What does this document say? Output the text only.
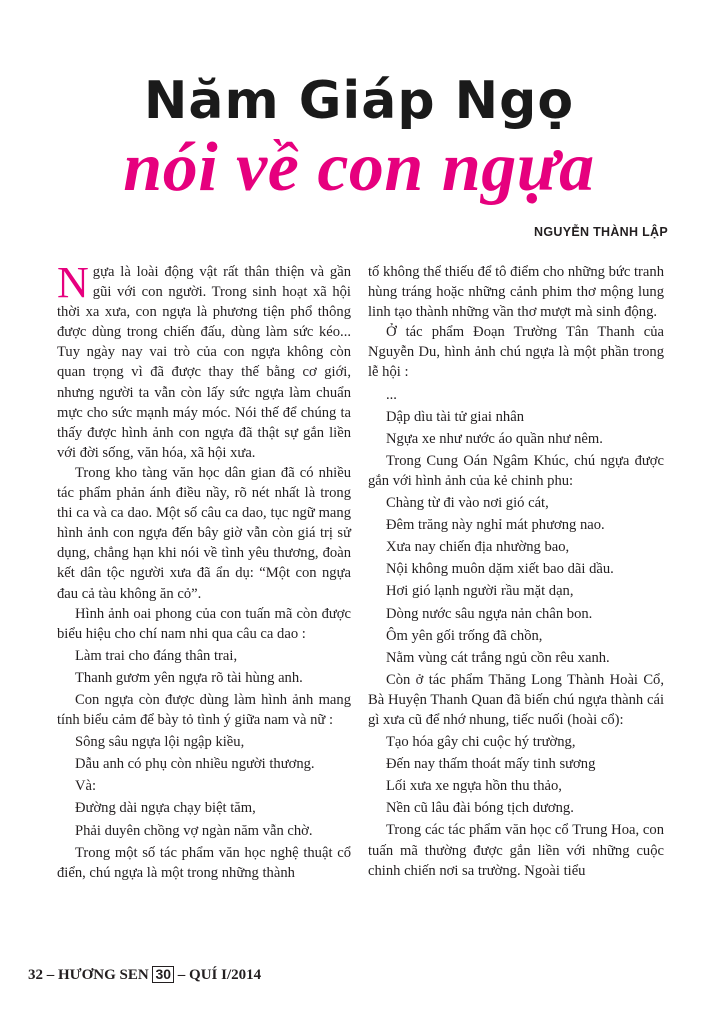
Năm Giáp Ngọ
nói về con ngựa
NGUYỄN THÀNH LẬP

Ngựa là loài động vật rất thân thiện và gần gũi với con người. Trong sinh hoạt xã hội thời xa xưa, con ngựa là phương tiện phổ thông được dùng trong chiến đấu, dùng làm sức kéo... Tuy ngày nay vai trò của con ngựa không còn quan trọng vì đã được thay thế bằng cơ giới, nhưng người ta vẫn còn lấy sức ngựa làm chuẩn mực cho sức mạnh máy móc. Nói thế để chúng ta thấy được hình ảnh con ngựa đã thật sự gắn liền với đời sống, văn hóa, xã hội xưa.

Trong kho tàng văn học dân gian đã có nhiều tác phẩm phản ánh điều nầy, rõ nét nhất là trong thi ca và ca dao. Một số câu ca dao, tục ngữ mang hình ảnh con ngựa đến bây giờ vẫn còn giá trị sử dụng, chẳng hạn khi nói về tình yêu thương, đoàn kết dân tộc người xưa đã ẩn dụ: “Một con ngựa đau cả tàu không ăn cỏ”.

Hình ảnh oai phong của con tuấn mã còn được biểu hiệu cho chí nam nhi qua câu ca dao :

Làm trai cho đáng thân trai,

Thanh gươm yên ngựa rõ tài hùng anh.

Con ngựa còn được dùng làm hình ảnh mang tính biểu cảm để bày tỏ tình ý giữa nam và nữ :

Sông sâu ngựa lội ngập kiều,

Dẫu anh có phụ còn nhiều người thương.

Và:

Đường dài ngựa chạy biệt tăm,

Phải duyên chồng vợ ngàn năm vẫn chờ.

Trong một số tác phẩm văn học nghệ thuật cổ điển, chú ngựa là một trong những thành

tố không thể thiếu để tô điểm cho những bức tranh hùng tráng hoặc những cảnh phim thơ mộng lung linh tạo thành những vần thơ mượt mà sinh động.

Ở tác phẩm Đoạn Trường Tân Thanh của Nguyễn Du, hình ảnh chú ngựa là một phần trong lễ hội :

...

Dập dìu tài tử giai nhân

Ngựa xe như nước áo quần như nêm.

Trong Cung Oán Ngâm Khúc, chú ngựa được gắn với hình ảnh của kẻ chinh phu:

Chàng từ đi vào nơi gió cát,

Đêm trăng này nghỉ mát phương nao.

Xưa nay chiến địa nhường bao,

Nội không muôn dặm xiết bao dãi dầu.

Hơi gió lạnh người rầu mặt dạn,

Dòng nước sâu ngựa nản chân bon.

Ôm yên gối trống đã chồn,

Nằm vùng cát trắng ngủ cồn rêu xanh.

Còn ở tác phẩm Thăng Long Thành Hoài Cổ, Bà Huyện Thanh Quan đã biến chú ngựa thành cái gì xưa cũ để nhớ nhung, tiếc nuối (hoài cổ):

Tạo hóa gây chi cuộc hý trường,

Đến nay thấm thoát mấy tinh sương

Lối xưa xe ngựa hồn thu thảo,

Nền cũ lâu đài bóng tịch dương.

Trong các tác phẩm văn học cổ Trung Hoa, con tuấn mã thường được gắn liền với những cuộc chinh chiến nơi sa trường. Ngoài tiểu

32 – HƯƠNG SEN 30 – QUÍ I/2014
